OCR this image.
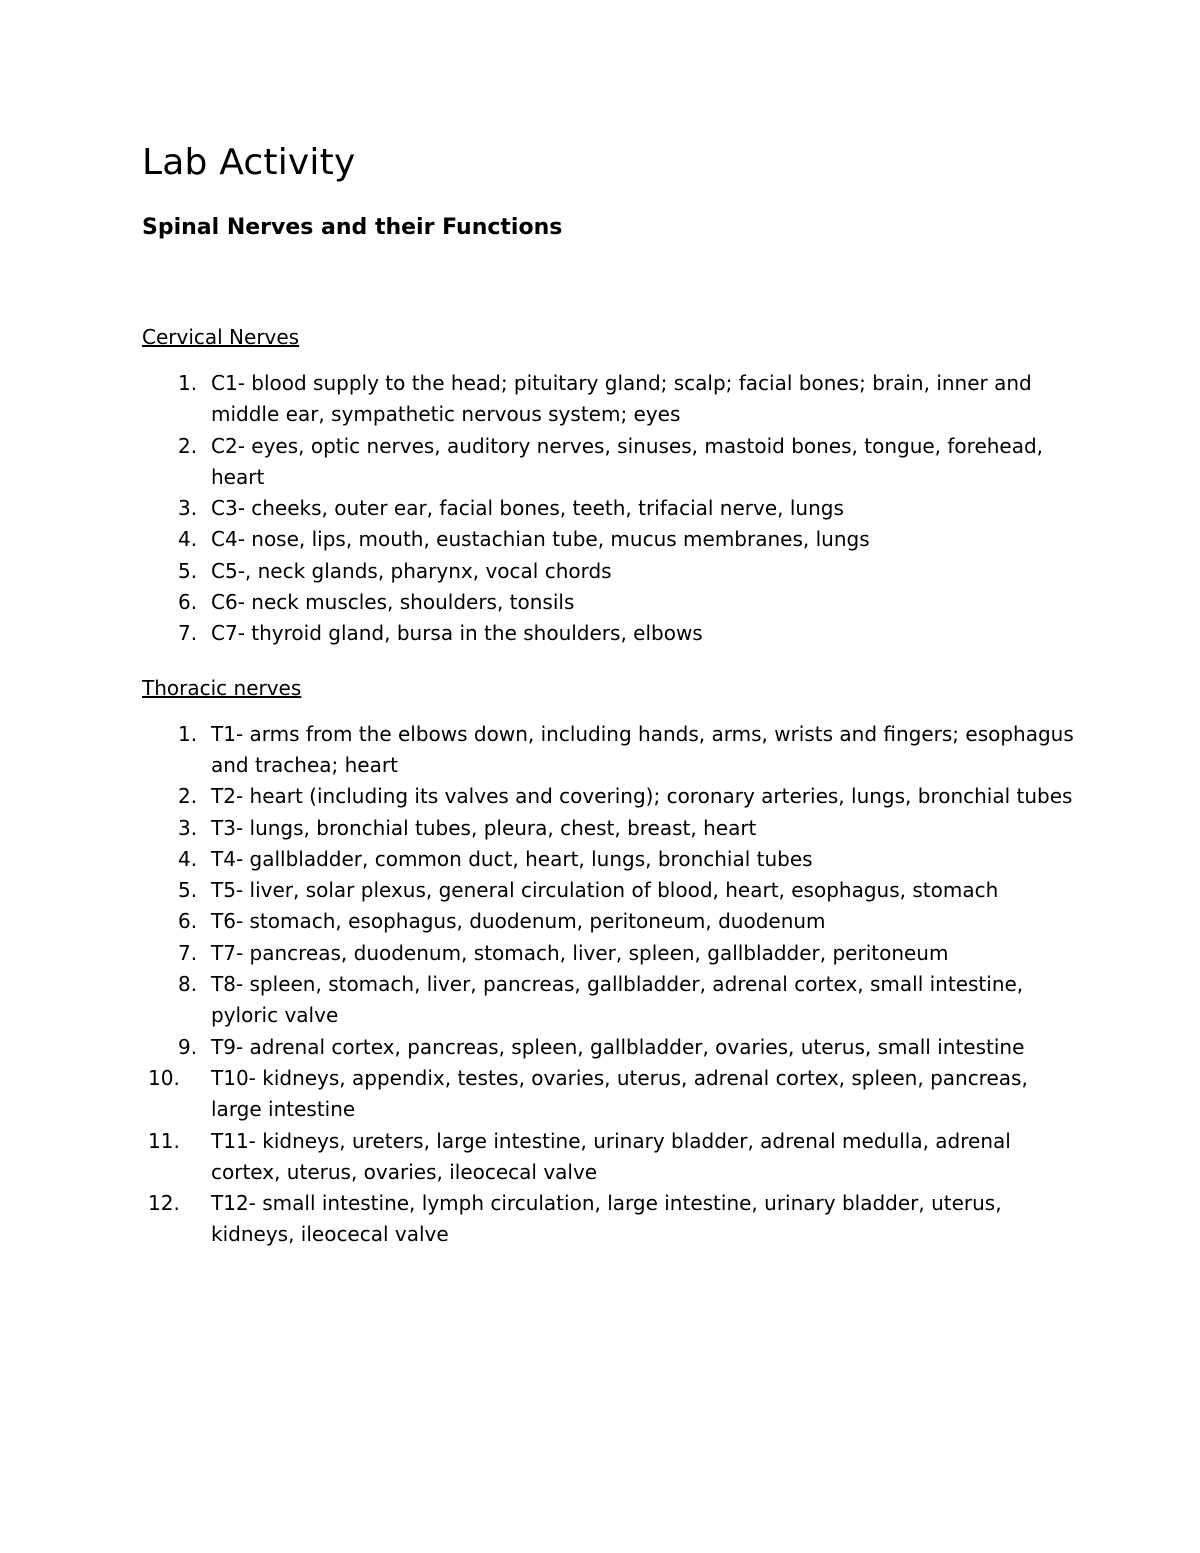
Lab Activity
Spinal Nerves and their Functions
Cervical Nerves
1. C1- blood supply to the head; pituitary gland; scalp; facial bones; brain, inner and middle ear, sympathetic nervous system; eyes
2. C2- eyes, optic nerves, auditory nerves, sinuses, mastoid bones, tongue, forehead, heart
3. C3- cheeks, outer ear, facial bones, teeth, trifacial nerve, lungs
4. C4- nose, lips, mouth, eustachian tube, mucus membranes, lungs
5. C5-, neck glands, pharynx, vocal chords
6. C6- neck muscles, shoulders, tonsils
7. C7- thyroid gland, bursa in the shoulders, elbows
Thoracic nerves
1. T1- arms from the elbows down, including hands, arms, wrists and fingers; esophagus and trachea; heart
2. T2- heart (including its valves and covering); coronary arteries, lungs, bronchial tubes
3. T3- lungs, bronchial tubes, pleura, chest, breast, heart
4. T4- gallbladder, common duct, heart, lungs, bronchial tubes
5. T5- liver, solar plexus, general circulation of blood, heart, esophagus, stomach
6. T6- stomach, esophagus, duodenum, peritoneum, duodenum
7. T7- pancreas, duodenum, stomach, liver, spleen, gallbladder, peritoneum
8. T8- spleen, stomach, liver, pancreas, gallbladder, adrenal cortex, small intestine, pyloric valve
9. T9- adrenal cortex, pancreas, spleen, gallbladder, ovaries, uterus, small intestine
10. T10- kidneys, appendix, testes, ovaries, uterus, adrenal cortex, spleen, pancreas, large intestine
11. T11- kidneys, ureters, large intestine, urinary bladder, adrenal medulla, adrenal cortex, uterus, ovaries, ileocecal valve
12. T12- small intestine, lymph circulation, large intestine, urinary bladder, uterus, kidneys, ileocecal valve
